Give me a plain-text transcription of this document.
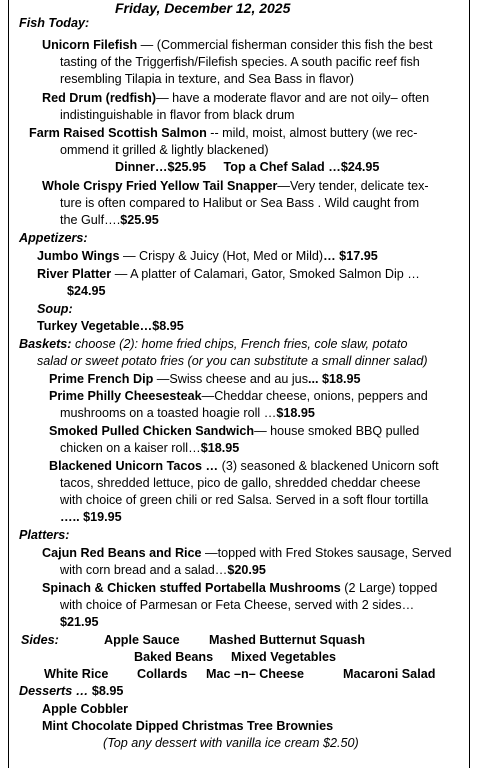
Friday, December 12, 2025
Fish Today:
Unicorn Filefish — (Commercial fisherman consider this fish the best
tasting of the Triggerfish/Filefish species. A south pacific reef fish
resembling Tilapia in texture, and Sea Bass in flavor)
Red Drum (redfish)— have a moderate flavor and are not oily– often
indistinguishable in flavor from black drum
Farm Raised Scottish Salmon -- mild, moist, almost buttery (we rec-
ommend it grilled & lightly blackened)
Dinner…$25.95     Top a Chef Salad …$24.95
Whole Crispy Fried Yellow Tail Snapper—Very tender, delicate tex-
ture is often compared to Halibut or Sea Bass . Wild caught from
the Gulf….$25.95
Appetizers:
Jumbo Wings — Crispy & Juicy (Hot, Med or Mild)… $17.95
River Platter — A platter of Calamari, Gator, Smoked Salmon Dip …
$24.95
Soup:
Turkey Vegetable…$8.95
Baskets: choose (2): home fried chips, French fries, cole slaw, potato
salad or sweet potato fries (or you can substitute a small dinner salad)
Prime French Dip —Swiss cheese and au jus... $18.95
Prime Philly Cheesesteak—Cheddar cheese, onions, peppers and
mushrooms on a toasted hoagie roll …$18.95
Smoked Pulled Chicken Sandwich— house smoked BBQ pulled
chicken on a kaiser roll…$18.95
Blackened Unicorn Tacos … (3) seasoned & blackened Unicorn soft
tacos, shredded lettuce, pico de gallo, shredded cheddar cheese
with choice of green chili or red Salsa. Served in a soft flour tortilla
….. $19.95
Platters:
Cajun Red Beans and Rice —topped with Fred Stokes sausage, Served
with corn bread and a salad…$20.95
Spinach & Chicken stuffed Portabella Mushrooms (2 Large) topped
with choice of Parmesan or Feta Cheese, served with 2 sides…
$21.95
Sides:	Apple Sauce Mashed Butternut Squash
Baked Beans Mixed Vegetables
White Rice Collards Mac –n– Cheese	Macaroni Salad
Desserts … $8.95
Apple Cobbler
Mint Chocolate Dipped Christmas Tree Brownies
(Top any dessert with vanilla ice cream $2.50)
